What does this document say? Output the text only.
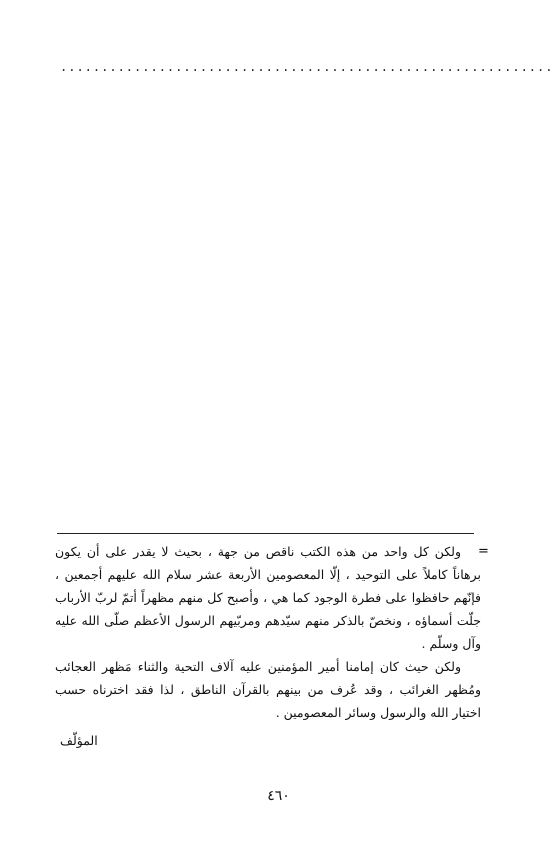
............................................................
=

ولكن كل واحد من هذه الكتب ناقص من جهة ، بحيث لا يقدر على أن يكون برهاناً كاملاً على التوحيد ، إلّا المعصومين الأربعة عشر سلام الله عليهم أجمعين ، فإنّهم حافظوا على فطرة الوجود كما هي ، وأصبح كل منهم مظهراً أتمّ لربّ الأرباب جلّت أسماؤه ، ونخصّ بالذكر منهم سيّدهم ومربّيهم الرسول الأعظم صلّى الله عليه وآل وسلّم .

ولكن حيث كان إمامنا أمير المؤمنين عليه آلاف التحية والثناء مَظهر العجائب ومُظهر الغرائب ، وقد عُرف من بينهم بالقرآن الناطق ، لذا فقد اخترناه حسب اختيار الله والرسول وسائر المعصومين .

المؤلّف
٤٦٠
